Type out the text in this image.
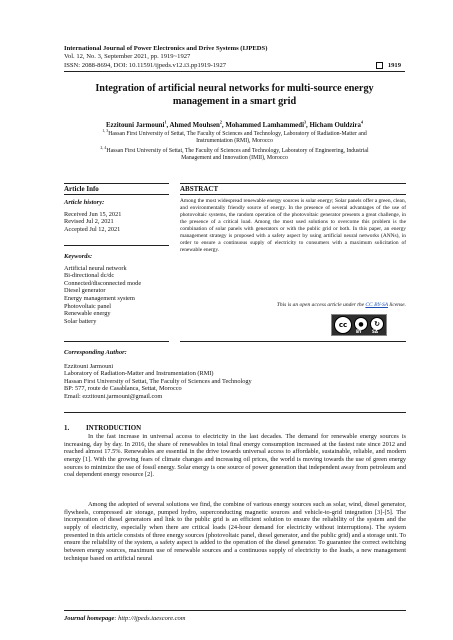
International Journal of Power Electronics and Drive Systems (IJPEDS)
Vol. 12, No. 3, September 2021, pp. 1919~1927
ISSN: 2088-8694, DOI: 10.11591/ijpeds.v12.i3.pp1919-1927	1919
Integration of artificial neural networks for multi-source energy
management in a smart grid
Ezzitouni Jarmouni$^1$, Ahmed Mouhsen$^2$, Mohammed Lamhammedi$^3$, Hicham Ouldzira$^4$
$^{1, 3}$Hassan First University of Settat, The Faculty of Sciences and Technology, Laboratory of Radiation-Matter and
Instrumentation (RMI), Morocco
$^{2, 4}$Hassan First University of Settat, The Faculty of Sciences and Technology, Laboratory of Engineering, Industrial
Management and Innovation (IMII), Morocco
Article Info	ABSTRACT
Article history:
Received Jun 15, 2021
Revised Jul 2, 2021
Accepted Jul 12, 2021
Keywords:
Artificial neural network
Bi-directional dc/dc
Connected/disconnected mode
Diesel generator
Energy management system
Photovoltaic panel
Renewable energy
Solar battery
Among the most widespread renewable energy sources is solar energy; Solar panels offer a green, clean, and environmentally friendly source of energy. In the presence of several advantages of the use of photovoltaic systems, the random operation of the photovoltaic generator presents a great challenge, in the presence of a critical load. Among the most used solutions to overcome this problem is the combination of solar panels with generators or with the public grid or both. In this paper, an energy management strategy is proposed with a safety aspect by using artificial neural networks (ANNs), in order to ensure a continuous supply of electricity to consumers with a maximum solicitation of renewable energy.
This is an open access article under the CC BY-SA license.
cc	●	↻
BY	SA
Corresponding Author:
Ezzitouni Jarmouni
Laboratory of Radiation-Matter and Instrumentation (RMI)
Hassan First University of Settat, The Faculty of Sciences and Technology
BP: 577, route de Casablanca, Settat, Morocco
Email: ezzitouni.jarmouni@gmail.com
1. INTRODUCTION
In the fast increase in universal access to electricity in the last decades. The demand for renewable energy sources is increasing, day by day. In 2016, the share of renewables in total final energy consumption increased at the fastest rate since 2012 and reached almost 17.5%. Renewables are essential in the drive towards universal access to affordable, sustainable, reliable, and modern energy [1]. With the growing fears of climate changes and increasing oil prices, the world is moving towards the use of green energy sources to minimize the use of fossil energy. Solar energy is one source of power generation that independent away from petroleum and coal dependent energy resource [2].
Among the adopted of several solutions we find, the combine of various energy sources such as solar, wind, diesel generator, flywheels, compressed air storage, pumped hydro, superconducting magnetic sources and vehicle-to-grid integration [3]-[5]. The incorporation of diesel generators and link to the public grid is an efficient solution to ensure the reliability of the system and the supply of electricity, especially when there are critical loads (24-hour demand for electricity without interruptions). The system presented in this article consists of three energy sources (photovoltaic panel, diesel generator, and the public grid) and a storage unit. To ensure the reliability of the system, a safety aspect is added to the operation of the diesel generator. To guarantee the correct switching between energy sources, maximum use of renewable sources and a continuous supply of electricity to the loads, a new management technique based on artificial neural
Journal homepage: http://ijpeds.iaescore.com
